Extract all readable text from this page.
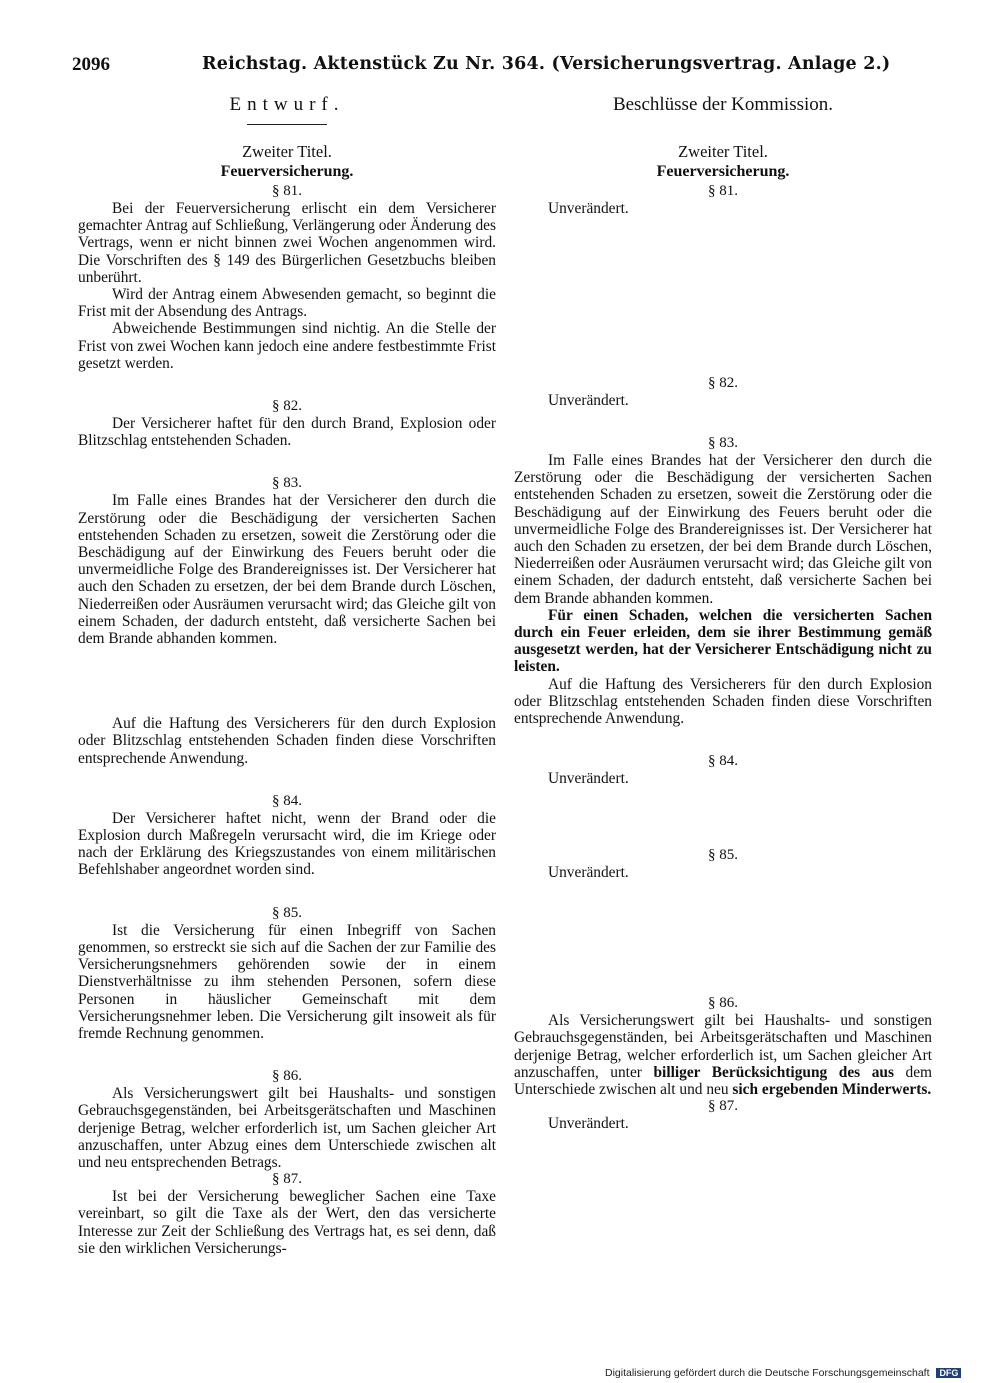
2096	Reichstag. Aktenstück Zu Nr. 364. (Versicherungsvertrag. Anlage 2.)
Entwurf.
Zweiter Titel.
Feuerversicherung.
§ 81.

Bei der Feuerversicherung erlischt ein dem Versicherer gemachter Antrag auf Schließung, Verlängerung oder Änderung des Vertrags, wenn er nicht binnen zwei Wochen angenommen wird. Die Vorschriften des § 149 des Bürgerlichen Gesetzbuchs bleiben unberührt.

Wird der Antrag einem Abwesenden gemacht, so beginnt die Frist mit der Absendung des Antrags.

Abweichende Bestimmungen sind nichtig. An die Stelle der Frist von zwei Wochen kann jedoch eine andere festbestimmte Frist gesetzt werden.

§ 82.

Der Versicherer haftet für den durch Brand, Explosion oder Blitzschlag entstehenden Schaden.

§ 83.

Im Falle eines Brandes hat der Versicherer den durch die Zerstörung oder die Beschädigung der versicherten Sachen entstehenden Schaden zu ersetzen, soweit die Zerstörung oder die Beschädigung auf der Einwirkung des Feuers beruht oder die unvermeidliche Folge des Brandereignisses ist. Der Versicherer hat auch den Schaden zu ersetzen, der bei dem Brande durch Löschen, Niederreißen oder Ausräumen verursacht wird; das Gleiche gilt von einem Schaden, der dadurch entsteht, daß versicherte Sachen bei dem Brande abhanden kommen.

Auf die Haftung des Versicherers für den durch Explosion oder Blitzschlag entstehenden Schaden finden diese Vorschriften entsprechende Anwendung.

§ 84.

Der Versicherer haftet nicht, wenn der Brand oder die Explosion durch Maßregeln verursacht wird, die im Kriege oder nach der Erklärung des Kriegszustandes von einem militärischen Befehlshaber angeordnet worden sind.

§ 85.

Ist die Versicherung für einen Inbegriff von Sachen genommen, so erstreckt sie sich auf die Sachen der zur Familie des Versicherungsnehmers gehörenden sowie der in einem Dienstverhältnisse zu ihm stehenden Personen, sofern diese Personen in häuslicher Gemeinschaft mit dem Versicherungsnehmer leben. Die Versicherung gilt insoweit als für fremde Rechnung genommen.

§ 86.

Als Versicherungswert gilt bei Haushalts- und sonstigen Gebrauchsgegenständen, bei Arbeitsgerätschaften und Maschinen derjenige Betrag, welcher erforderlich ist, um Sachen gleicher Art anzuschaffen, unter Abzug eines dem Unterschiede zwischen alt und neu entsprechenden Betrags.

§ 87.

Ist bei der Versicherung beweglicher Sachen eine Taxe vereinbart, so gilt die Taxe als der Wert, den das versicherte Interesse zur Zeit der Schließung des Vertrags hat, es sei denn, daß sie den wirklichen Versicherungs-

Beschlüsse der Kommission.
Zweiter Titel.
Feuerversicherung.
§ 81.

Unverändert.

§ 82.

Unverändert.

§ 83.

Im Falle eines Brandes hat der Versicherer den durch die Zerstörung oder die Beschädigung der versicherten Sachen entstehenden Schaden zu ersetzen, soweit die Zerstörung oder die Beschädigung auf der Einwirkung des Feuers beruht oder die unvermeidliche Folge des Brandereignisses ist. Der Versicherer hat auch den Schaden zu ersetzen, der bei dem Brande durch Löschen, Niederreißen oder Ausräumen verursacht wird; das Gleiche gilt von einem Schaden, der dadurch entsteht, daß versicherte Sachen bei dem Brande abhanden kommen.

Für einen Schaden, welchen die versicherten Sachen durch ein Feuer erleiden, dem sie ihrer Bestimmung gemäß ausgesetzt werden, hat der Versicherer Entschädigung nicht zu leisten.

Auf die Haftung des Versicherers für den durch Explosion oder Blitzschlag entstehenden Schaden finden diese Vorschriften entsprechende Anwendung.

§ 84.

Unverändert.

§ 85.

Unverändert.

§ 86.

Als Versicherungswert gilt bei Haushalts- und sonstigen Gebrauchsgegenständen, bei Arbeitsgerätschaften und Maschinen derjenige Betrag, welcher erforderlich ist, um Sachen gleicher Art anzuschaffen, unter billiger Berücksichtigung des aus dem Unterschiede zwischen alt und neu sich ergebenden Minderwerts.

§ 87.

Unverändert.

Digitalisierung gefördert durch die Deutsche Forschungsgemeinschaft DFG
